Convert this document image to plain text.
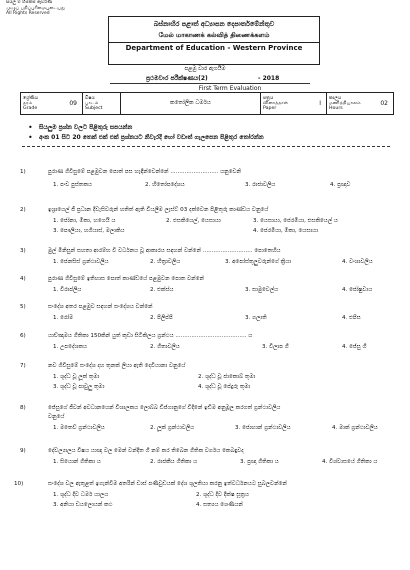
සියලු ම හිමිකම් ඇවිරිණි
முழுப் பதிப்புரிமையுடையது
All Rights Reserved
බස්නාහිර පළාත් අධ්‍යාපන දෙපාර්තමේන්තුව
மேல் மாகாணக் கல்வித் திணைக்களம்
Department of Education - Western Province
පළමු වාර ඇගයීම
ප්‍රථමවාර පරීක්ෂණය(2)	- 2018
First Term Evaluation
ශ්‍රේණිය
தரம்
Grade
09
විෂය
பாடம்
Subject
කතෝලික ධර්මය
පත්‍රය
வினாத்தாள்
Paper
I
කාලය
மணித்தியாலம்
Hours
02
• සියලුම ප්‍රශ්න වලට පිළිතුරු සපයන්න
• අංක 01 සිට 20 තෙක් එක් එක් ප්‍රශ්නයට නිවැරදි හෝ වඩාත් ගැලපෙන පිළිතුර තෝරන්න
1)	පුරාණ ගිවිසුමේ පළමුවන පොත් පස හැඳින්වෙන්නේ ........................... යනුවෙනි
1. පංච පුස්තකය	2. හිතෝපදේශය	3. රාජාවලිය	4. ප්‍රඥාව
2)	ඉශ්‍රායෙල් ජී ප්‍රධාන දිවැසිවරුන් හතිත් ඇති වියලීම ලැස්ට් 03 දක්වෙන පිළිතුරු කාණ්ඩය වනුයේ
1. ජෝනා, මිකා, හගෙයි ය	2. එසකියෙල්, යෙසායා	3. යෙසායා, ජෙරමියා, එසකියෙල් ය
3. පෞලියා, හගියාස්, මලාකිය	4. ජෙරමියා, මීකා, යෙසායා
3)	මුල් මිනිසුන් සහතා ආරම්භ වී වර්ධනය වූ ආකාරය සඳහන් වන්නේ ............................ පොතෙහිය
1. ජෙනසිස් ග්‍රන්ථාවලිය	2. හිත්‍රාවලිය	3. අපෝස්තුලුවරුන්ගේ ක්‍රියා	4. වංශාවලිය
4)	පුරාණ ගිවිසුමේ ඉතිහාස පොත් කාණ්ඩයේ පළමුවන පොත වන්නේ
1. විරාප්ලිය	2. එක්ස්ය	3. සාමුවෙල්ය	4. ජෝෂුවාය
5)	සංදේශ අතර පළමුව සඳහන් සංදේශය වන්නේ
1. රෝම	2. පිලිප්පි	3. ගලාති	4. එපිස
6)	යාච්ඤාමය ගීතිකා 150කින් යුත් කුඩා සිටිකිලය ග්‍රන්ථය ........................................ ය
1. උපදේශකය	2. ගීතාවලිය	3. විලාප ගී	4. ජේසු ගී
7)	නව ගිවිසුමේ සංදේශ දහ තුනක් ලියා ඇති දෙවියානා වනුයේ
1. ශුද්ධ වූ ලූක් තුමා	2. ශුද්ධ වූ ජාකොබ් තුමා
3. ශුද්ධ වූ පාවුලු තුමා	4. ශුද්ධ වූ පේදුරු තුමා
8)	ජේසුගේ ජීවන් අවධානයෙන් විශාලකය ලොබ්බ ඩිජ්ගානුගේ විදිනේ ඉඩිම අනුමූල කරගත් ග්‍රන්ථාවලිය
වනුයේ
1. මතෙව් ග්‍රන්ථාවලිය	2. ලූක් ග්‍රන්ථාවලිය	3. ජොහාන් ග්‍රන්ථාවලිය	4. මාක් ග්‍රන්ථාවලිය
9)	දේවල්‍යාලය විෂය යාඥා වල මෙන් වන්දිත ගී නම් කර තිබෙන ගීතික වර්ගය කෙබඳුවද
1. සියොන් ගීතිකා ය	2. රාජකීය ගීතිකා ය	3. ප්‍රඥා ගීතිකා ය	4. විශ්වාසයේ ගීතිකා ය
10)	සංදේශ වල ඇතුළත් ඉගැන්වීම අතරින් ඩාස් පණිවුඩයක් දේශ ශුලතියා කරනු ඉත්වර්ධනයට සුබලවන්නේ
1. ශුද්ධ දිව ධර්ම යාලය	2. ශුද්ධ දිව දීක්ෂ සූත්‍රය
3. අනියා ඩයලොයන් කථ	4. සත්‍යය ශෙණියන්
